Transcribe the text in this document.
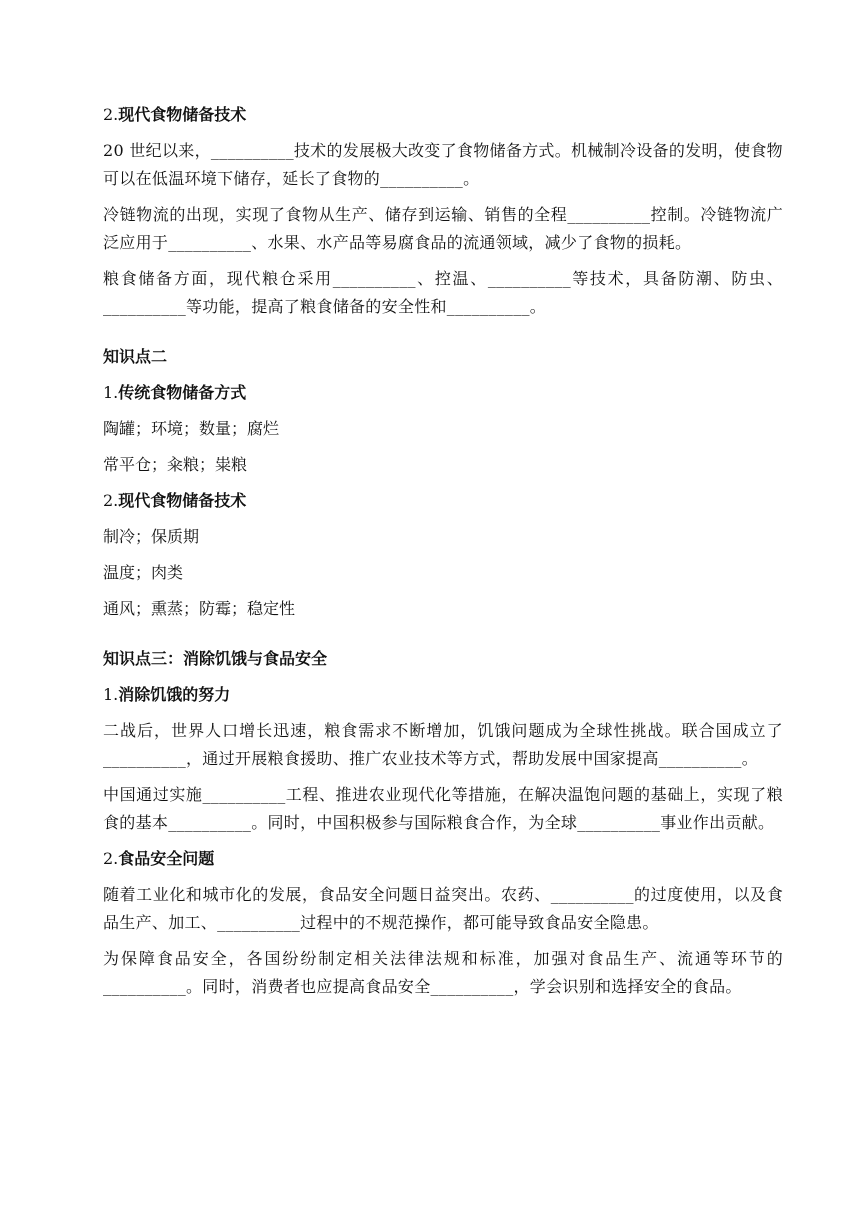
2.现代食物储备技术
20 世纪以来，__________技术的发展极大改变了食物储备方式。机械制冷设备的发明，使食物可以在低温环境下储存，延长了食物的__________。
冷链物流的出现，实现了食物从生产、储存到运输、销售的全程__________控制。冷链物流广泛应用于__________、水果、水产品等易腐食品的流通领域，减少了食物的损耗。
粮食储备方面，现代粮仓采用__________、控温、__________等技术，具备防潮、防虫、__________等功能，提高了粮食储备的安全性和__________。
知识点二
1.传统食物储备方式
陶罐；环境；数量；腐烂
常平仓；籴粮；粜粮
2.现代食物储备技术
制冷；保质期
温度；肉类
通风；熏蒸；防霉；稳定性
知识点三：消除饥饿与食品安全
1.消除饥饿的努力
二战后，世界人口增长迅速，粮食需求不断增加，饥饿问题成为全球性挑战。联合国成立了__________，通过开展粮食援助、推广农业技术等方式，帮助发展中国家提高__________。
中国通过实施__________工程、推进农业现代化等措施，在解决温饱问题的基础上，实现了粮食的基本__________。同时，中国积极参与国际粮食合作，为全球__________事业作出贡献。
2.食品安全问题
随着工业化和城市化的发展，食品安全问题日益突出。农药、__________的过度使用，以及食品生产、加工、__________过程中的不规范操作，都可能导致食品安全隐患。
为保障食品安全，各国纷纷制定相关法律法规和标准，加强对食品生产、流通等环节的__________。同时，消费者也应提高食品安全__________，学会识别和选择安全的食品。
